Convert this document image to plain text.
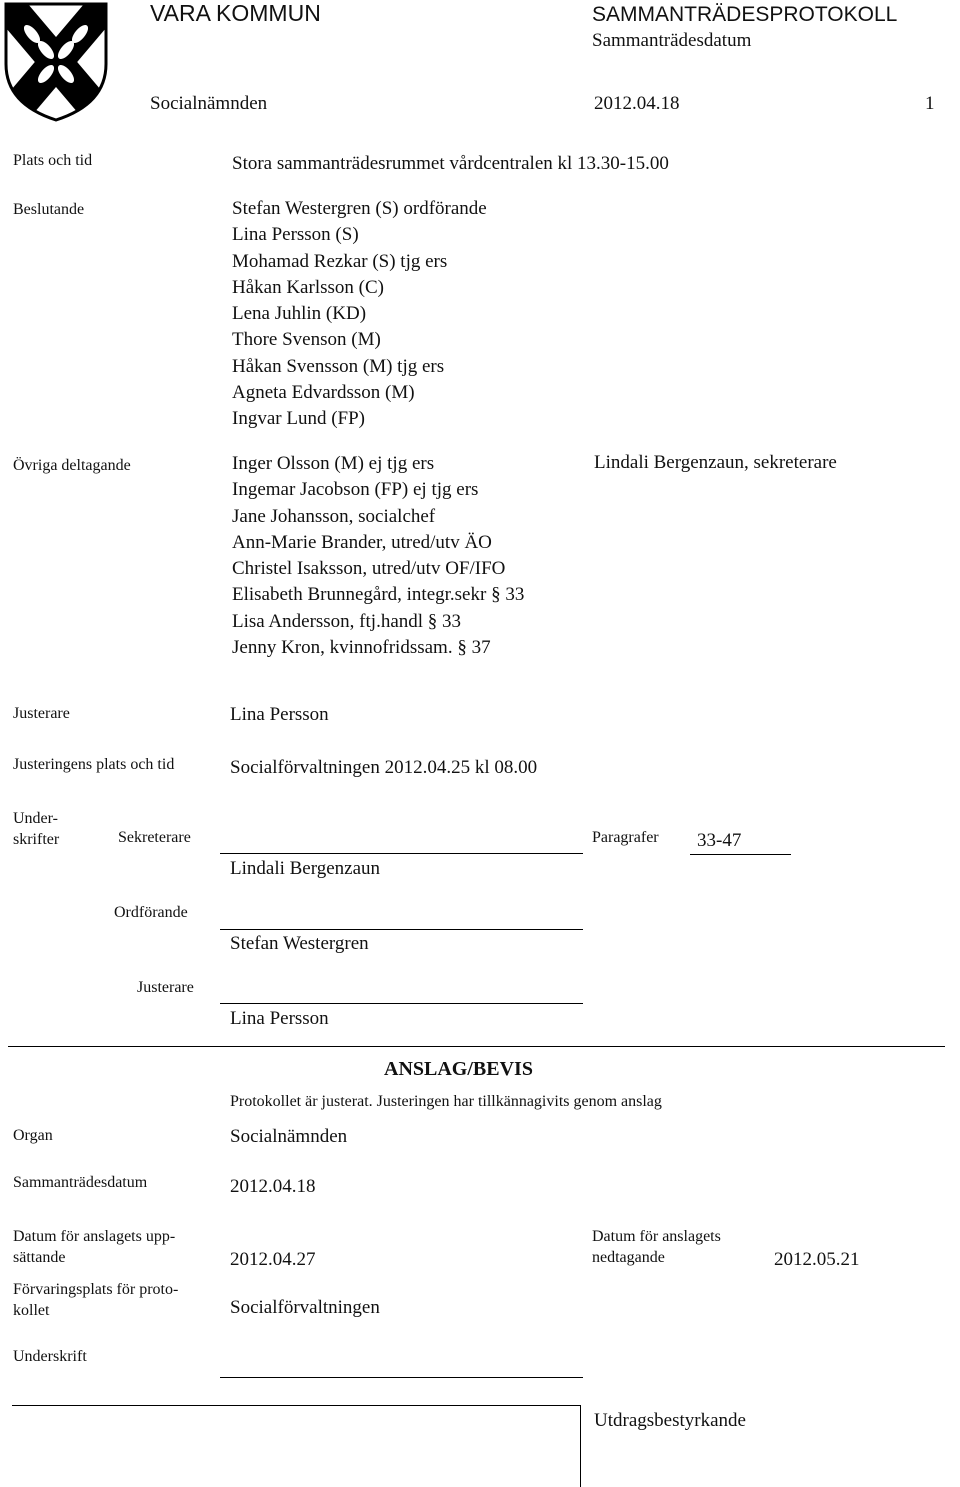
VARA KOMMUN	SAMMANTRÄDESPROTOKOLL
Sammanträdesdatum
Socialnämnden	2012.04.18	1
Plats och tid	Stora sammanträdesrummet vårdcentralen kl 13.30-15.00
Beslutande	Stefan Westergren (S) ordförande
Lina Persson (S)
Mohamad Rezkar (S) tjg ers
Håkan Karlsson (C)
Lena Juhlin (KD)
Thore Svenson (M)
Håkan Svensson (M) tjg ers
Agneta Edvardsson (M)
Ingvar Lund (FP)
Övriga deltagande	Inger Olsson (M) ej tjg ers
Ingemar Jacobson (FP) ej tjg ers
Jane Johansson, socialchef
Ann-Marie Brander, utred/utv ÄO
Christel Isaksson, utred/utv OF/IFO
Elisabeth Brunnegård, integr.sekr § 33
Lisa Andersson, ftj.handl § 33
Jenny Kron, kvinnofridssam. § 37
Lindali Bergenzaun, sekreterare
Justerare	Lina Persson
Justeringens plats och tid	Socialförvaltningen 2012.04.25 kl 08.00
Under-
skrifter	Sekreterare
Lindali Bergenzaun
Paragrafer 33-47
Ordförande
Stefan Westergren
Justerare
Lina Persson
ANSLAG/BEVIS
Protokollet är justerat. Justeringen har tillkännagivits genom anslag
Organ	Socialnämnden
Sammanträdesdatum	2012.04.18
Datum för anslagets upp-
sättande	2012.04.27
Datum för anslagets
nedtagande	2012.05.21
Förvaringsplats för proto-
kollet	Socialförvaltningen
Underskrift
Utdragsbestyrkande
